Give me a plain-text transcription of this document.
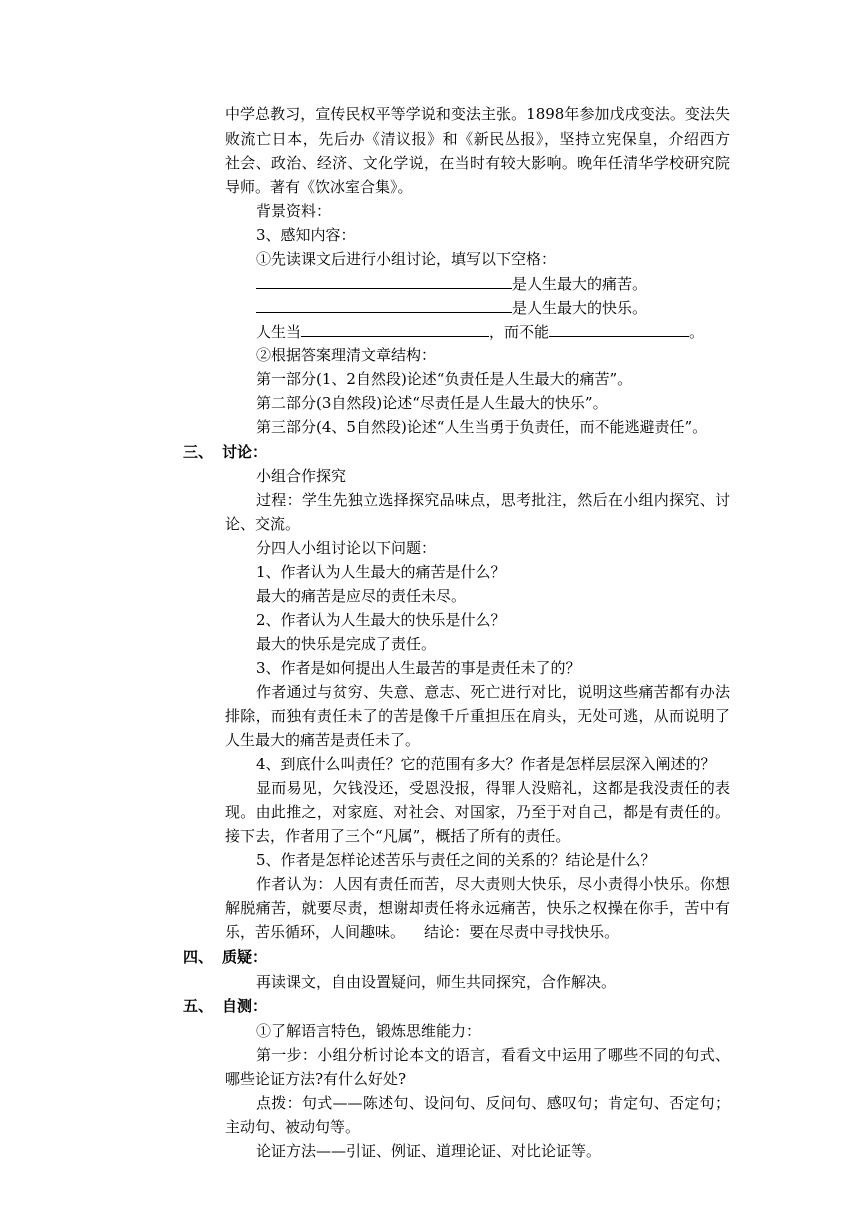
中学总教习，宣传民权平等学说和变法主张。1898年参加戊戌变法。变法失
败流亡日本，先后办《清议报》和《新民丛报》，坚持立宪保皇，介绍西方
社会、政治、经济、文化学说，在当时有较大影响。晚年任清华学校研究院
导师。著有《饮冰室合集》。
背景资料：
3、感知内容：
①先读课文后进行小组讨论，填写以下空格：
是人生最大的痛苦。
是人生最大的快乐。
人生当	，而不能	。
②根据答案理清文章结构：
第一部分(1、2自然段)论述“负责任是人生最大的痛苦”。
第二部分(3自然段)论述“尽责任是人生最大的快乐”。
第三部分(4、5自然段)论述“人生当勇于负责任，而不能逃避责任”。
三、 讨论：
小组合作探究
过程：学生先独立选择探究品味点，思考批注，然后在小组内探究、讨
论、交流。
分四人小组讨论以下问题：
1、作者认为人生最大的痛苦是什么？
最大的痛苦是应尽的责任未尽。
2、作者认为人生最大的快乐是什么？
最大的快乐是完成了责任。
3、作者是如何提出人生最苦的事是责任未了的？
作者通过与贫穷、失意、意志、死亡进行对比，说明这些痛苦都有办法
排除，而独有责任未了的苦是像千斤重担压在肩头，无处可逃，从而说明了
人生最大的痛苦是责任未了。
4、到底什么叫责任？它的范围有多大？作者是怎样层层深入阐述的？
显而易见，欠钱没还，受恩没报，得罪人没赔礼，这都是我没责任的表
现。由此推之，对家庭、对社会、对国家，乃至于对自己，都是有责任的。
接下去，作者用了三个“凡属”，概括了所有的责任。
5、作者是怎样论述苦乐与责任之间的关系的？结论是什么？
作者认为：人因有责任而苦，尽大责则大快乐，尽小责得小快乐。你想
解脱痛苦，就要尽责，想谢却责任将永远痛苦，快乐之权操在你手，苦中有
乐，苦乐循环，人间趣味。    结论：要在尽责中寻找快乐。
四、 质疑：
再读课文，自由设置疑问，师生共同探究，合作解决。
五、 自测：
①了解语言特色，锻炼思维能力：
第一步：小组分析讨论本文的语言，看看文中运用了哪些不同的句式、
哪些论证方法?有什么好处?
点拨：句式——陈述句、设问句、反问句、感叹句；肯定句、否定句；
主动句、被动句等。
论证方法——引证、例证、道理论证、对比论证等。
